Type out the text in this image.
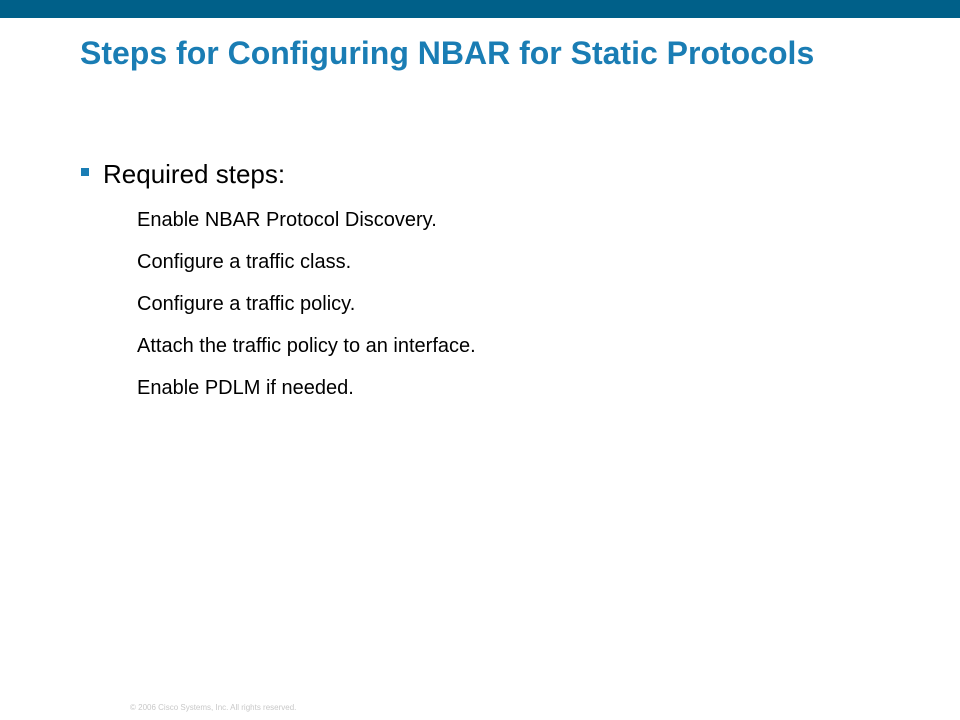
Steps for Configuring NBAR for Static Protocols
Required steps:
Enable NBAR Protocol Discovery.
Configure a traffic class.
Configure a traffic policy.
Attach the traffic policy to an interface.
Enable PDLM if needed.
© 2006 Cisco Systems, Inc. All rights reserved.
